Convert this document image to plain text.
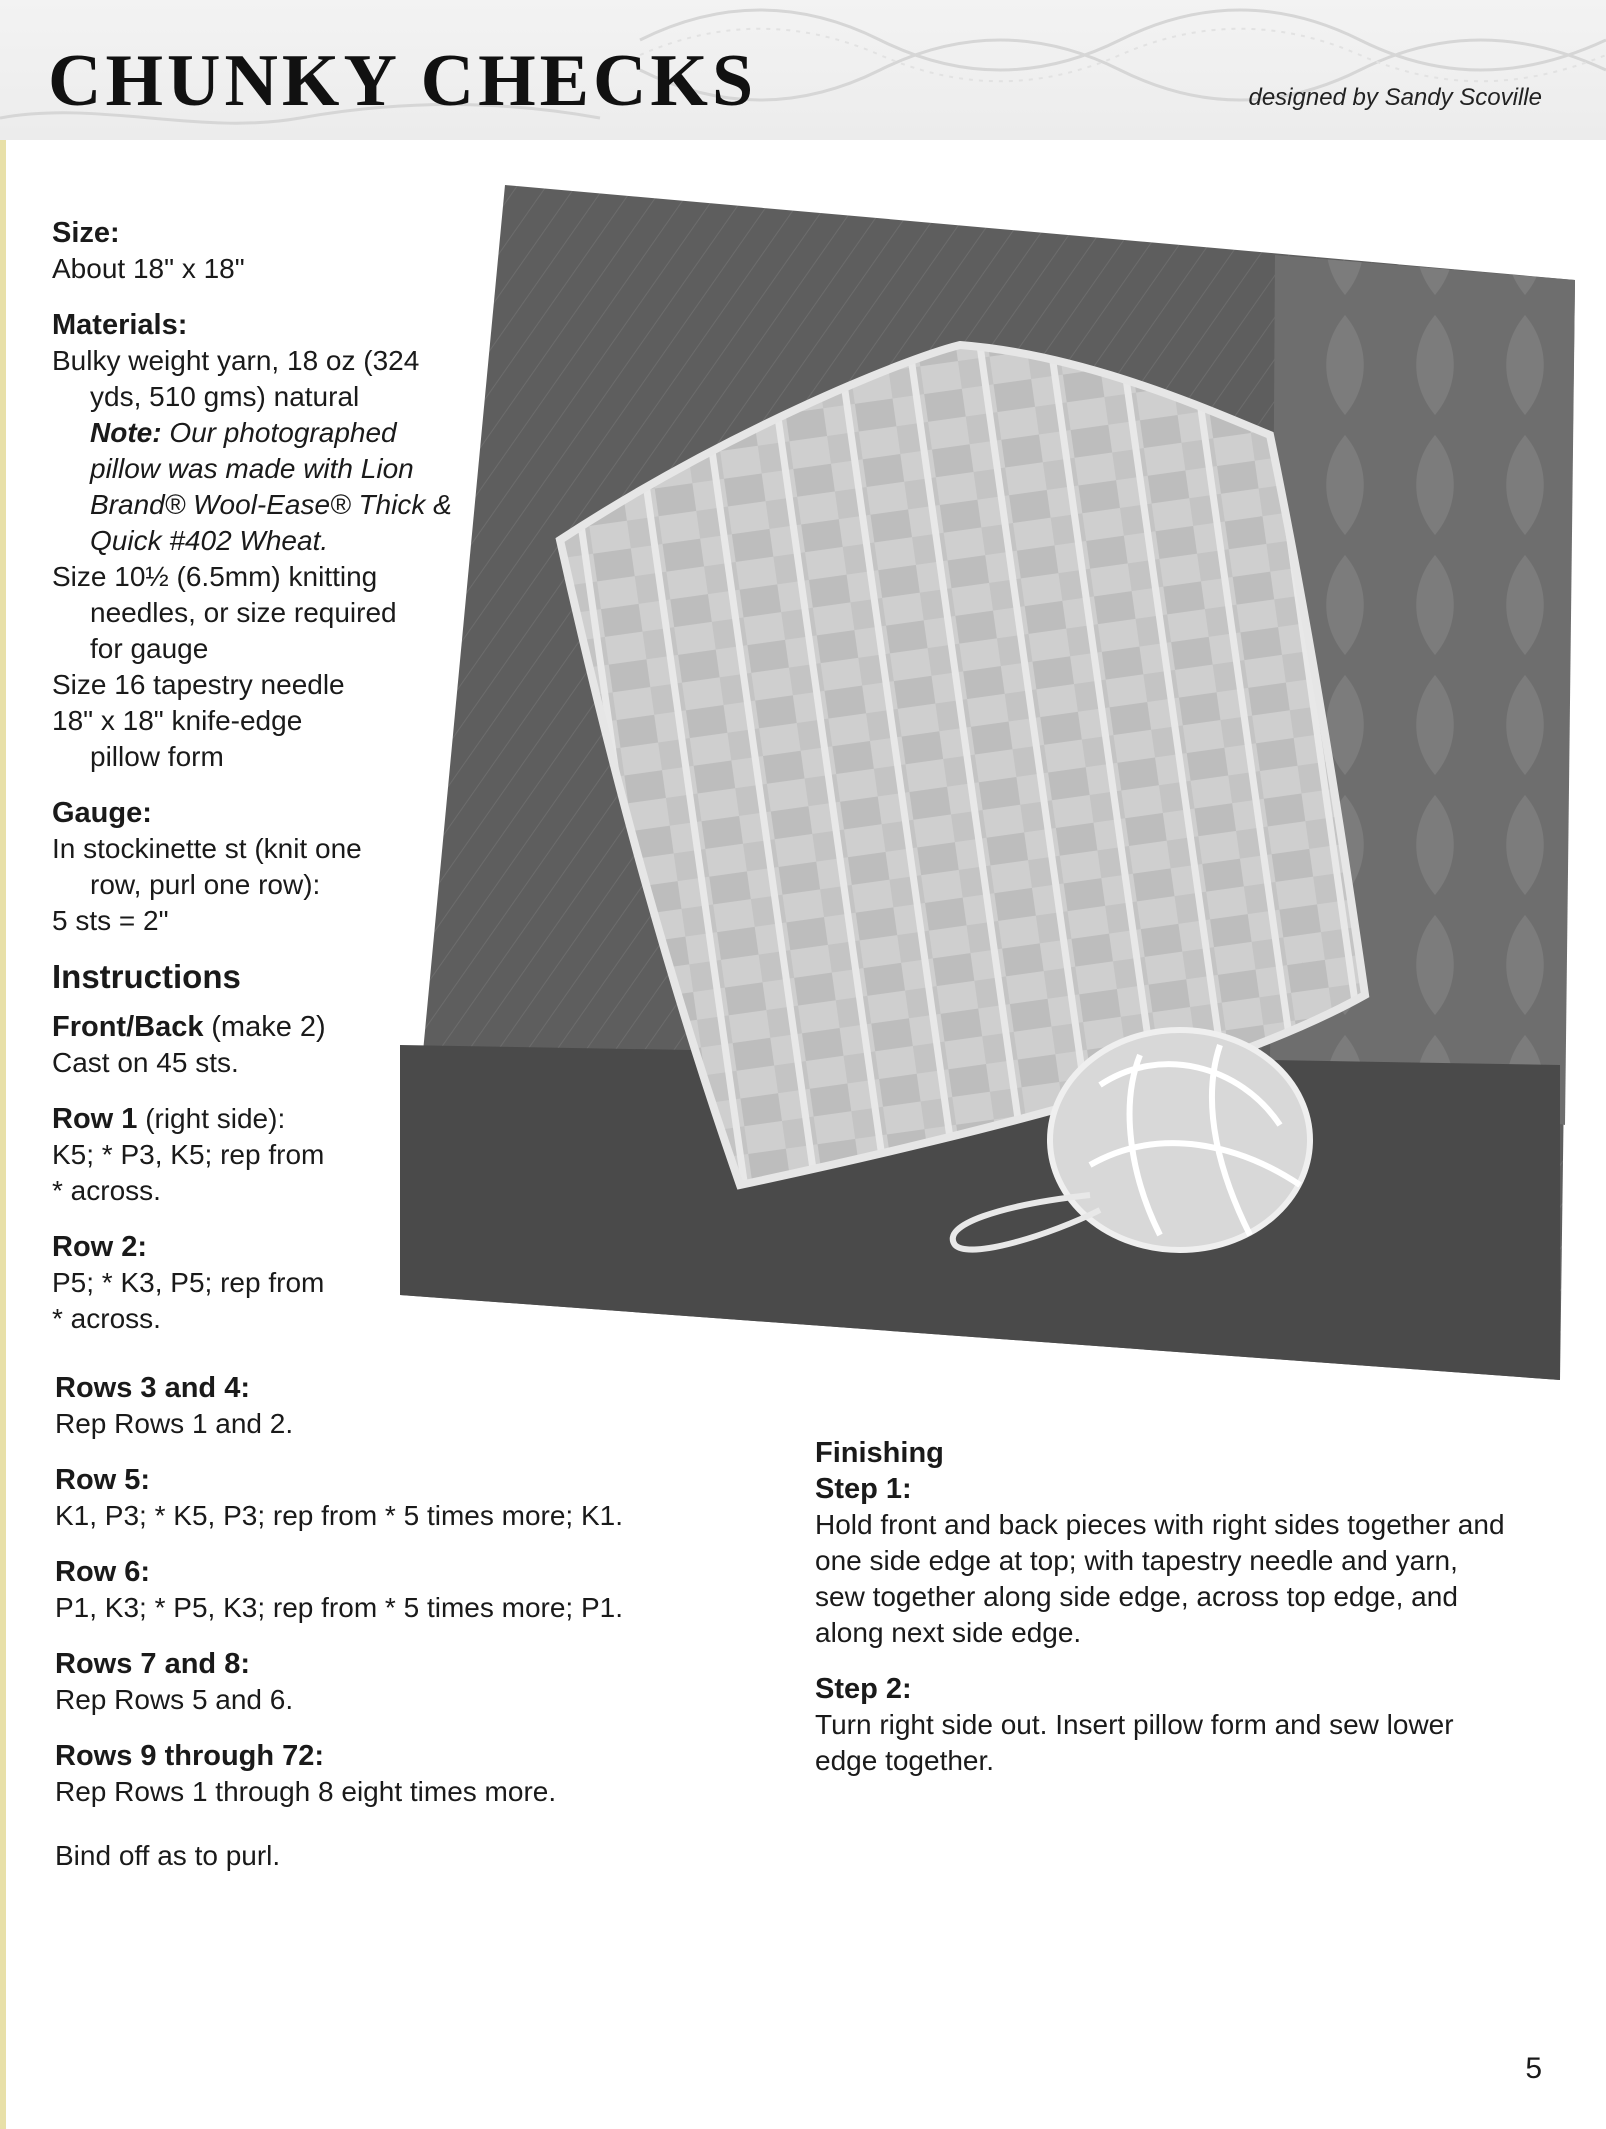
CHUNKY CHECKS	designed by Sandy Scoville
Size:
About 18" x 18"
Materials:
Bulky weight yarn, 18 oz (324
yds, 510 gms) natural
Note: Our photographed
pillow was made with Lion
Brand® Wool-Ease® Thick &
Quick #402 Wheat.
Size 10½ (6.5mm) knitting
needles, or size required
for gauge
Size 16 tapestry needle
18" x 18" knife-edge
pillow form
Gauge:
In stockinette st (knit one
row, purl one row):
5 sts = 2"
Instructions
Front/Back (make 2)
Cast on 45 sts.
Row 1 (right side):
K5; * P3, K5; rep from
* across.
Row 2:
P5; * K3, P5; rep from
* across.
Rows 3 and 4:
Rep Rows 1 and 2.
Row 5:
K1, P3; * K5, P3; rep from * 5 times more; K1.
Row 6:
P1, K3; * P5, K3; rep from * 5 times more; P1.
Rows 7 and 8:
Rep Rows 5 and 6.
Rows 9 through 72:
Rep Rows 1 through 8 eight times more.
Bind off as to purl.
Finishing
Step 1:
Hold front and back pieces with right sides together and
one side edge at top; with tapestry needle and yarn,
sew together along side edge, across top edge, and
along next side edge.
Step 2:
Turn right side out. Insert pillow form and sew lower
edge together.
5
